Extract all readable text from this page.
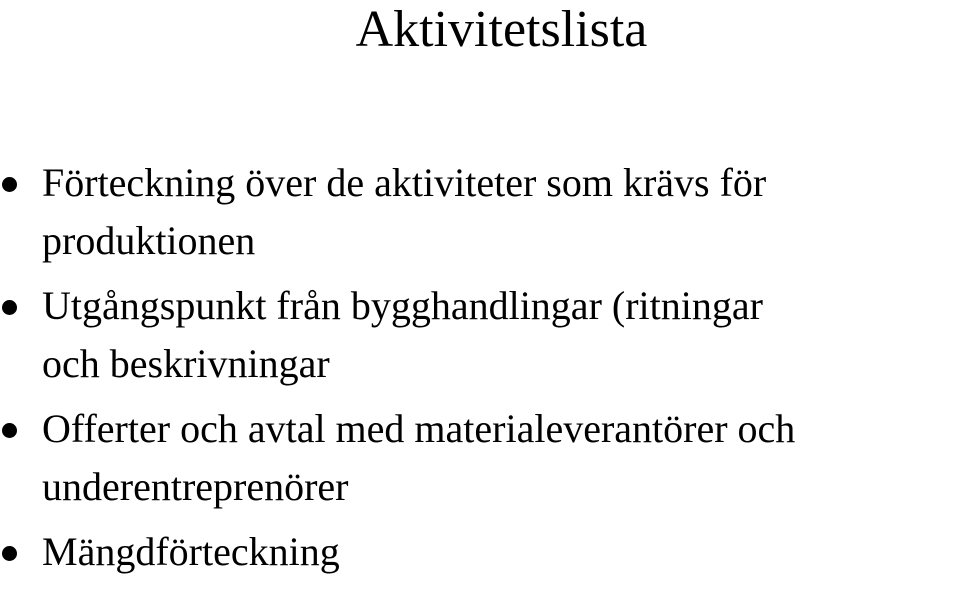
Aktivitetslista
Förteckning över de aktiviteter som krävs för
produktionen
Utgångspunkt från bygghandlingar (ritningar
och beskrivningar
Offerter och avtal med materialeverantörer och
underentreprenörer
Mängdförteckning
